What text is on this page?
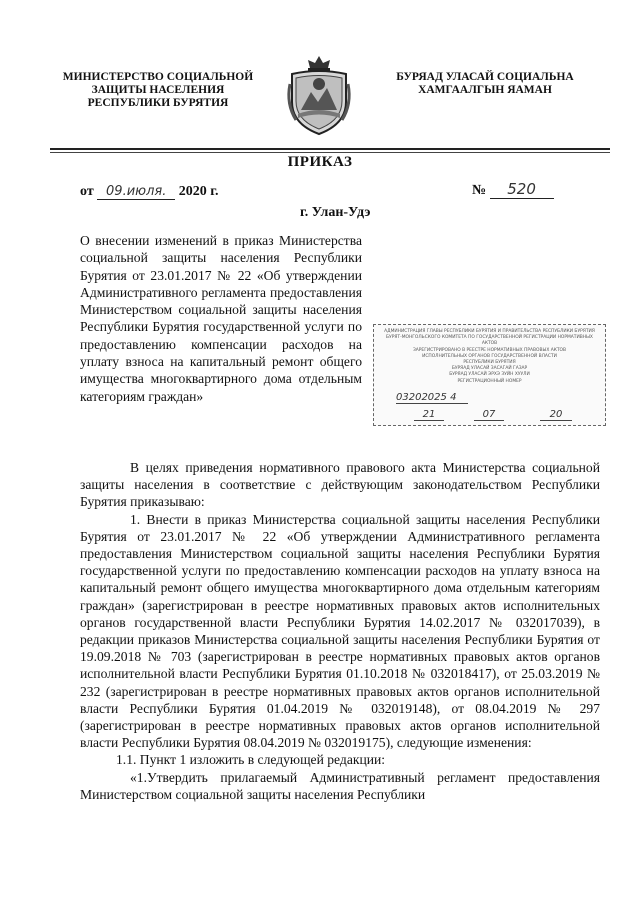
МИНИСТЕРСТВО СОЦИАЛЬНОЙ
ЗАЩИТЫ НАСЕЛЕНИЯ
РЕСПУБЛИКИ БУРЯТИЯ
БУРЯАД УЛАСАЙ СОЦИАЛЬНА
ХАМГААЛГЫН ЯАМАН
ПРИКАЗ
от 09.июля. 2020 г.	№ 520
г. Улан-Удэ
О внесении изменений в приказ Министерства социальной защиты населения Республики Бурятия от 23.01.2017 № 22 «Об утверждении Административного регламента предоставления Министерством социальной защиты населения Республики Бурятия государственной услуги по предоставлению компенсации расходов на уплату взноса на капитальный ремонт общего имущества многоквартирного дома отдельным категориям граждан»
АДМИНИСТРАЦИЯ ГЛАВЫ РЕСПУБЛИКИ БУРЯТИЯ И ПРАВИТЕЛЬСТВА РЕСПУБЛИКИ БУРЯТИЯ
БУРЯТ-МОНГОЛЬСКОГО КОМИТЕТА ПО ГОСУДАРСТВЕННОЙ РЕГИСТРАЦИИ НОРМАТИВНЫХ АКТОВ
ЗАРЕГИСТРИРОВАНО В РЕЕСТРЕ НОРМАТИВНЫХ ПРАВОВЫХ АКТОВ
ИСПОЛНИТЕЛЬНЫХ ОРГАНОВ ГОСУДАРСТВЕННОЙ ВЛАСТИ
РЕСПУБЛИКИ БУРЯТИЯ
БУРЯАД УЛАСАЙ ЗАСАГАЙ ГАЗАР
БУРЯАД УЛАСАЙ ЭРХЭ ЗУЙН ХУУЛИ
РЕГИСТРАЦИОННЫЙ НОМЕР
03202025 4
21	07	20

В целях приведения нормативного правового акта Министерства социальной защиты населения в соответствие с действующим законодательством Республики Бурятия приказываю:

1. Внести в приказ Министерства социальной защиты населения Республики Бурятия от 23.01.2017 № 22 «Об утверждении Административного регламента предоставления Министерством социальной защиты населения Республики Бурятия государственной услуги по предоставлению компенсации расходов на уплату взноса на капитальный ремонт общего имущества многоквартирного дома отдельным категориям граждан» (зарегистрирован в реестре нормативных правовых актов исполнительных органов государственной власти Республики Бурятия 14.02.2017 № 032017039), в редакции приказов Министерства социальной защиты населения Республики Бурятия от 19.09.2018 № 703 (зарегистрирован в реестре нормативных правовых актов органов исполнительной власти Республики Бурятия 01.10.2018 № 032018417), от 25.03.2019 № 232 (зарегистрирован в реестре нормативных правовых актов органов исполнительной власти Республики Бурятия 01.04.2019 № 032019148), от 08.04.2019 № 297 (зарегистрирован в реестре нормативных правовых актов органов исполнительной власти Республики Бурятия 08.04.2019 № 032019175), следующие изменения:

1.1. Пункт 1 изложить в следующей редакции:

«1.Утвердить прилагаемый Административный регламент предоставления Министерством социальной защиты населения Республики
